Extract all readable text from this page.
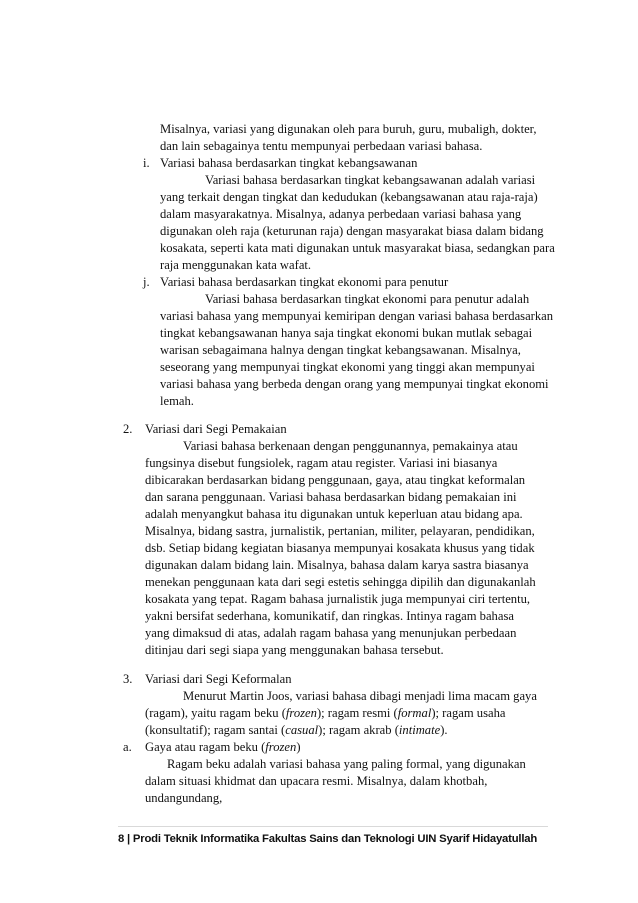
Misalnya, variasi yang digunakan oleh para buruh, guru, mubaligh, dokter,
dan lain sebagainya tentu mempunyai perbedaan variasi bahasa.
i. Variasi bahasa berdasarkan tingkat kebangsawanan
Variasi bahasa berdasarkan tingkat kebangsawanan adalah variasi
yang terkait dengan tingkat dan kedudukan (kebangsawanan atau raja-raja)
dalam masyarakatnya. Misalnya, adanya perbedaan variasi bahasa yang
digunakan oleh raja (keturunan raja) dengan masyarakat biasa dalam bidang
kosakata, seperti kata mati digunakan untuk masyarakat biasa, sedangkan para
raja menggunakan kata wafat.
j. Variasi bahasa berdasarkan tingkat ekonomi para penutur
Variasi bahasa berdasarkan tingkat ekonomi para penutur adalah
variasi bahasa yang mempunyai kemiripan dengan variasi bahasa berdasarkan
tingkat kebangsawanan hanya saja tingkat ekonomi bukan mutlak sebagai
warisan sebagaimana halnya dengan tingkat kebangsawanan. Misalnya,
seseorang yang mempunyai tingkat ekonomi yang tinggi akan mempunyai
variasi bahasa yang berbeda dengan orang yang mempunyai tingkat ekonomi
lemah.
2. Variasi dari Segi Pemakaian
Variasi bahasa berkenaan dengan penggunannya, pemakainya atau
fungsinya disebut fungsiolek, ragam atau register. Variasi ini biasanya
dibicarakan berdasarkan bidang penggunaan, gaya, atau tingkat keformalan
dan sarana penggunaan. Variasi bahasa berdasarkan bidang pemakaian ini
adalah menyangkut bahasa itu digunakan untuk keperluan atau bidang apa.
Misalnya, bidang sastra, jurnalistik, pertanian, militer, pelayaran, pendidikan,
dsb. Setiap bidang kegiatan biasanya mempunyai kosakata khusus yang tidak
digunakan dalam bidang lain. Misalnya, bahasa dalam karya sastra biasanya
menekan penggunaan kata dari segi estetis sehingga dipilih dan digunakanlah
kosakata yang tepat. Ragam bahasa jurnalistik juga mempunyai ciri tertentu,
yakni bersifat sederhana, komunikatif, dan ringkas. Intinya ragam bahasa
yang dimaksud di atas, adalah ragam bahasa yang menunjukan perbedaan
ditinjau dari segi siapa yang menggunakan bahasa tersebut.
3. Variasi dari Segi Keformalan
Menurut Martin Joos, variasi bahasa dibagi menjadi lima macam gaya
(ragam), yaitu ragam beku (frozen); ragam resmi (formal); ragam usaha
(konsultatif); ragam santai (casual); ragam akrab (intimate).
a. Gaya atau ragam beku (frozen)
Ragam beku adalah variasi bahasa yang paling formal, yang digunakan
dalam situasi khidmat dan upacara resmi. Misalnya, dalam khotbah,
undangundang,
8 | Prodi Teknik Informatika Fakultas Sains dan Teknologi UIN Syarif Hidayatullah
